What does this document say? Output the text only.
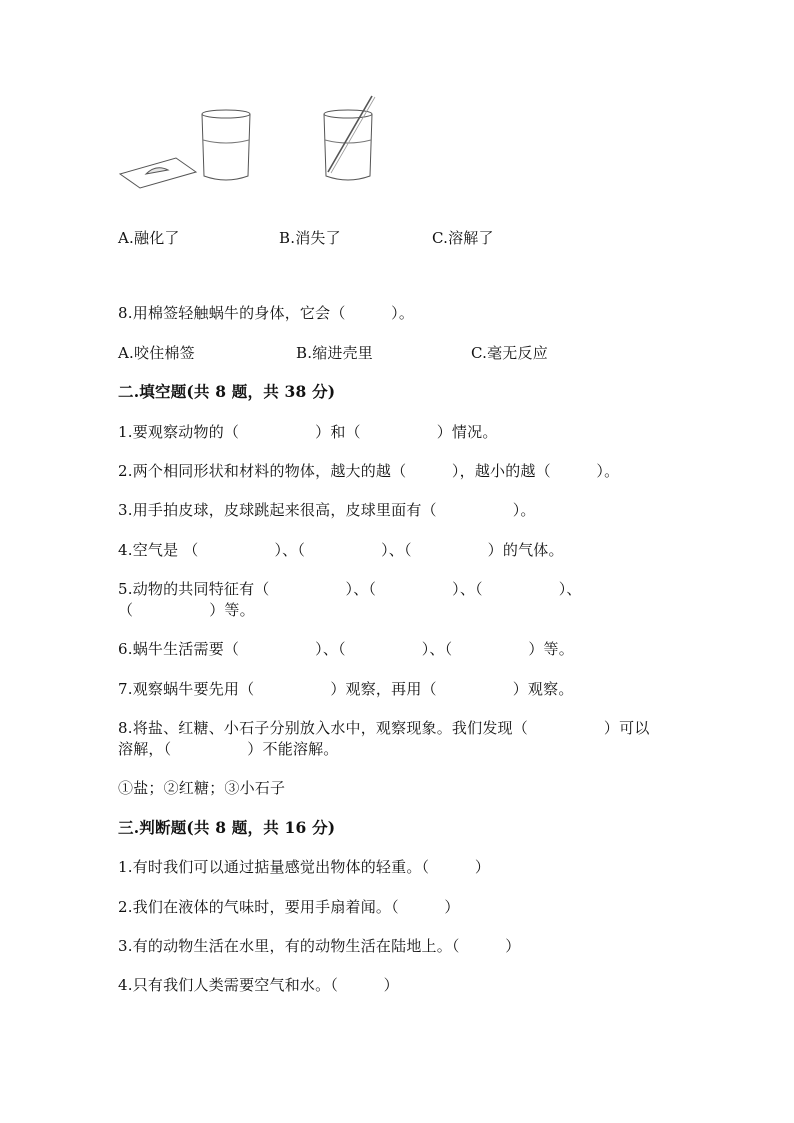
A.融化了	B.消失了	C.溶解了
8.用棉签轻触蜗牛的身体，它会（　　　）。
A.咬住棉签	B.缩进壳里	C.毫无反应
二.填空题(共 8 题，共 38 分)
1.要观察动物的（　　　　　）和（　　　　　）情况。
2.两个相同形状和材料的物体，越大的越（　　　），越小的越（　　　）。
3.用手拍皮球，皮球跳起来很高，皮球里面有（　　　　　）。
4.空气是 （　　　　　）、（　　　　　）、（　　　　　）的气体。
5.动物的共同特征有（　　　　　）、（　　　　　）、（　　　　　）、
（　　　　　）等。
6.蜗牛生活需要（　　　　　）、（　　　　　）、（　　　　　）等。
7.观察蜗牛要先用（　　　　　）观察，再用（　　　　　）观察。
8.将盐、红糖、小石子分别放入水中，观察现象。我们发现（　　　　　）可以
溶解，（　　　　　）不能溶解。
①盐；②红糖；③小石子
三.判断题(共 8 题，共 16 分)
1.有时我们可以通过掂量感觉出物体的轻重。（　　　）
2.我们在液体的气味时，要用手扇着闻。（　　　）
3.有的动物生活在水里，有的动物生活在陆地上。（　　　）
4.只有我们人类需要空气和水。（　　　）
